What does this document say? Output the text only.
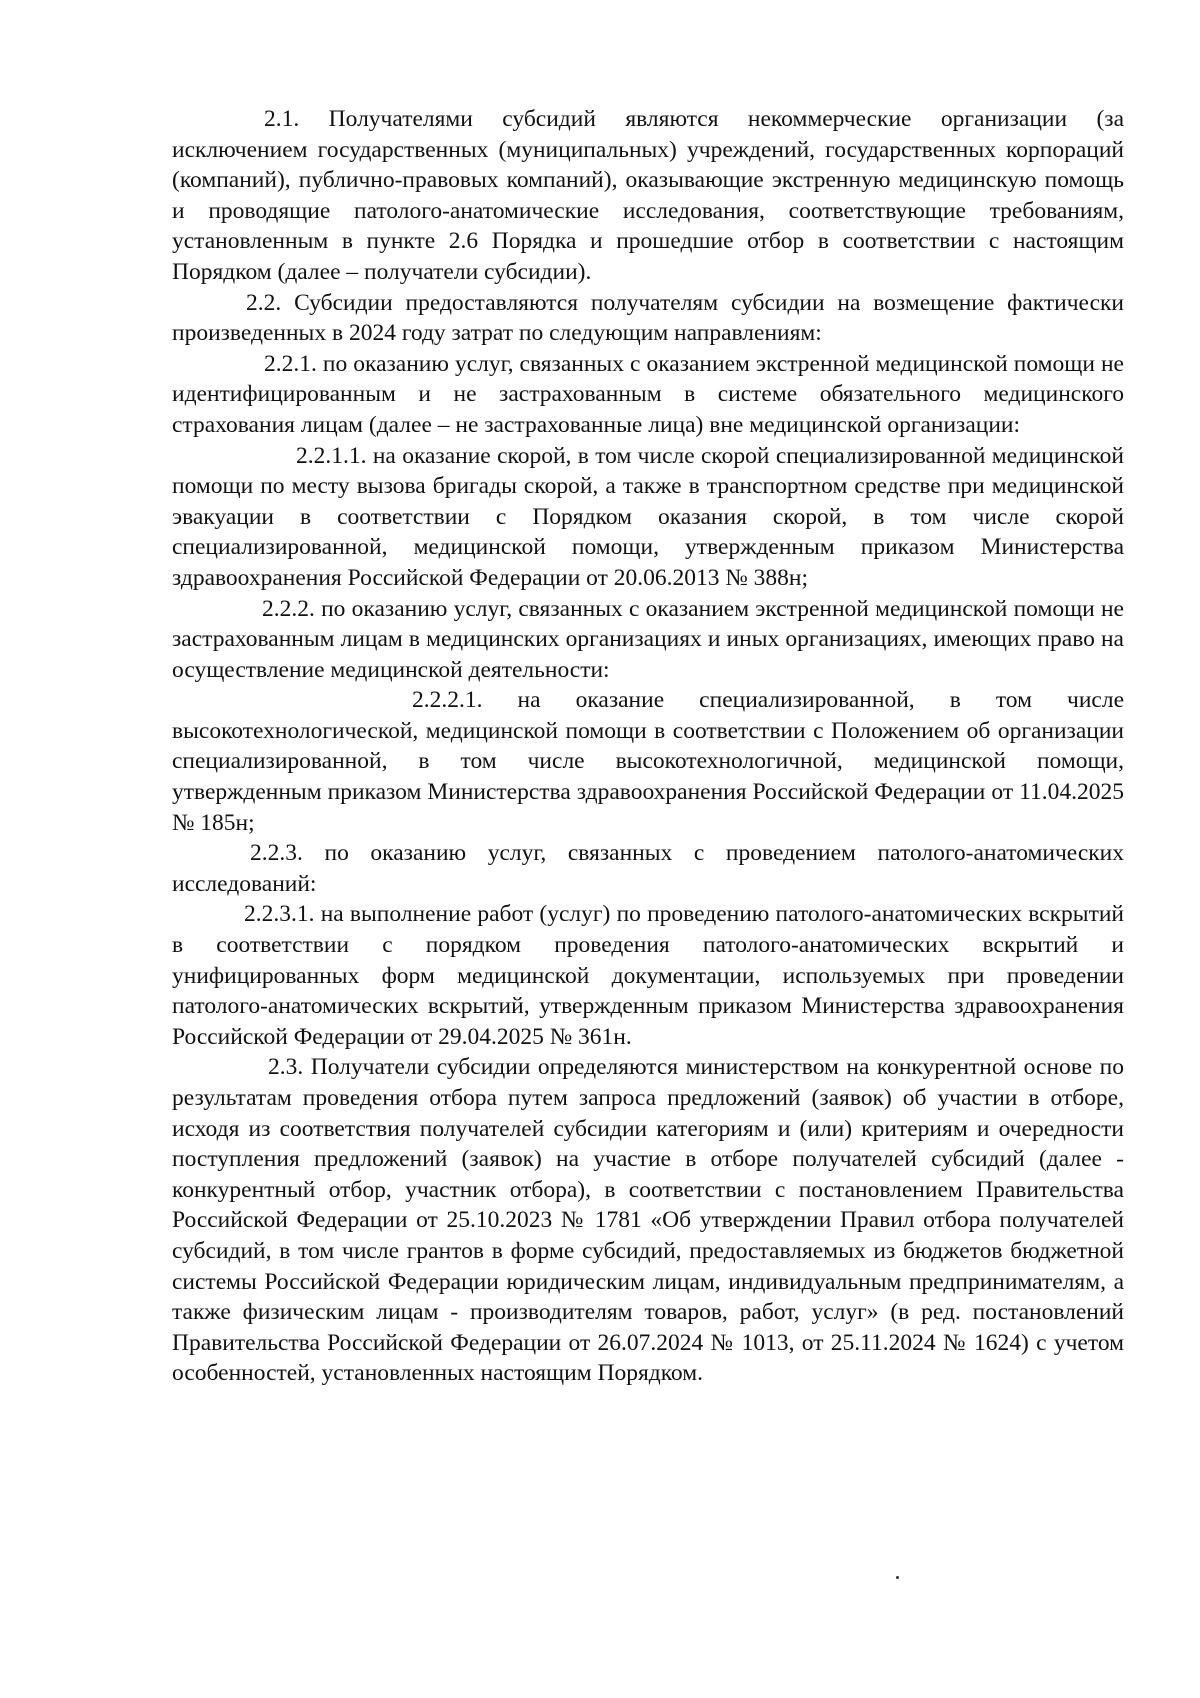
2.1. Получателями субсидий являются некоммерческие организации (за исключением государственных (муниципальных) учреждений, государственных корпораций (компаний), публично-правовых компаний), оказывающие экстренную медицинскую помощь и проводящие патолого-анатомические исследования, соответствующие требованиям, установленным в пункте 2.6 Порядка и прошедшие отбор в соответствии с настоящим Порядком (далее – получатели субсидии).

2.2. Субсидии предоставляются получателям субсидии на возмещение фактически произведенных в 2024 году затрат по следующим направлениям:

2.2.1. по оказанию услуг, связанных с оказанием экстренной медицинской помощи не идентифицированным и не застрахованным в системе обязательного медицинского страхования лицам (далее – не застрахованные лица) вне медицинской организации:

2.2.1.1. на оказание скорой, в том числе скорой специализированной медицинской помощи по месту вызова бригады скорой, а также в транспортном средстве при медицинской эвакуации в соответствии с Порядком оказания скорой, в том числе скорой специализированной, медицинской помощи, утвержденным приказом Министерства здравоохранения Российской Федерации от 20.06.2013 № 388н;

2.2.2. по оказанию услуг, связанных с оказанием экстренной медицинской помощи не застрахованным лицам в медицинских организациях и иных организациях, имеющих право на осуществление медицинской деятельности:

2.2.2.1. на оказание специализированной, в том числе высокотехнологической, медицинской помощи в соответствии с Положением об организации специализированной, в том числе высокотехнологичной, медицинской помощи, утвержденным приказом Министерства здравоохранения Российской Федерации от 11.04.2025 № 185н;

2.2.3. по оказанию услуг, связанных с проведением патолого-анатомических исследований:

2.2.3.1. на выполнение работ (услуг) по проведению патолого-анатомических вскрытий в соответствии с порядком проведения патолого-анатомических вскрытий и унифицированных форм медицинской документации, используемых при проведении патолого-анатомических вскрытий, утвержденным приказом Министерства здравоохранения Российской Федерации от 29.04.2025 № 361н.

2.3. Получатели субсидии определяются министерством на конкурентной основе по результатам проведения отбора путем запроса предложений (заявок) об участии в отборе, исходя из соответствия получателей субсидии категориям и (или) критериям и очередности поступления предложений (заявок) на участие в отборе получателей субсидий (далее - конкурентный отбор, участник отбора), в соответствии с постановлением Правительства Российской Федерации от 25.10.2023 № 1781 «Об утверждении Правил отбора получателей субсидий, в том числе грантов в форме субсидий, предоставляемых из бюджетов бюджетной системы Российской Федерации юридическим лицам, индивидуальным предпринимателям, а также физическим лицам - производителям товаров, работ, услуг» (в ред. постановлений Правительства Российской Федерации от 26.07.2024 № 1013, от 25.11.2024 № 1624) с учетом особенностей, установленных настоящим Порядком.
